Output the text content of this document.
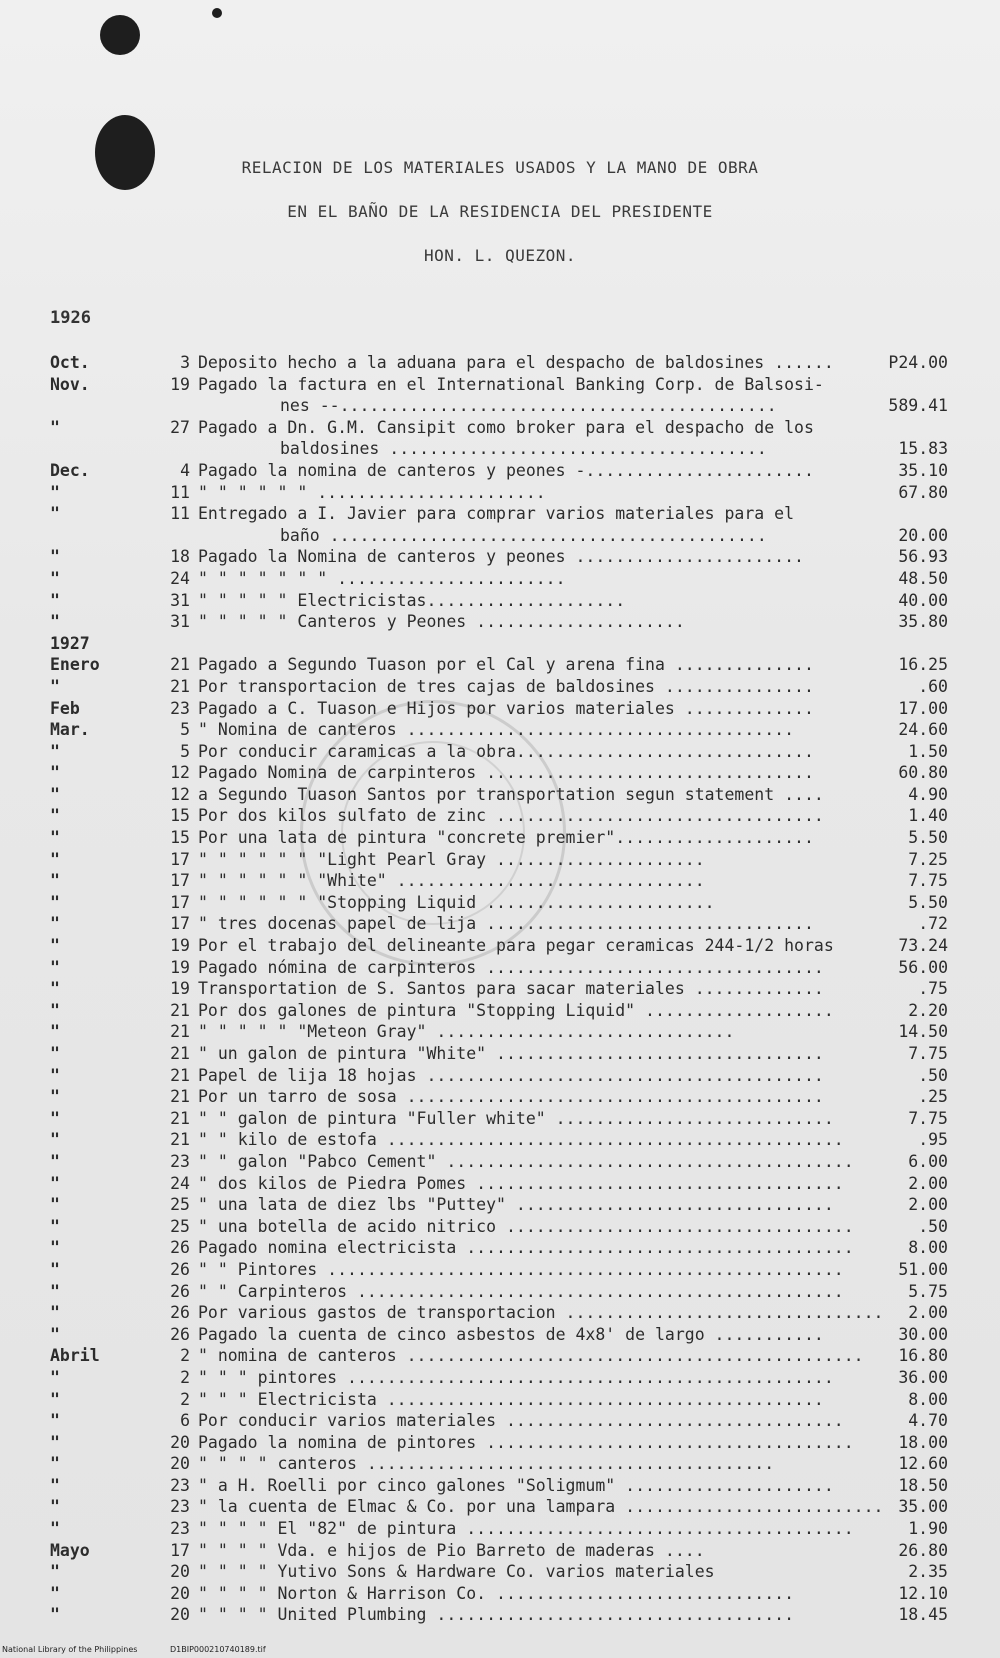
RELACION DE LOS MATERIALES USADOS Y LA MANO DE OBRA
EN EL BAÑO DE LA RESIDENCIA DEL PRESIDENTE
HON. L. QUEZON.
1926
Oct.	3 Deposito hecho a la aduana para el despacho de baldosines ......	P24.00
Nov.	19 Pagado la factura en el International Banking Corp. de Balsosi-
nes --............................................	589.41
"	27 Pagado a Dn. G.M. Cansipit como broker para el despacho de los
baldosines ......................................	15.83
Dec.	4 Pagado la nomina de canteros y peones -.......................	35.10
"	11 " " " " " " .......................	67.80
"	11 Entregado a I. Javier para comprar varios materiales para el
baño ............................................	20.00
"	18 Pagado la Nomina de canteros y peones .......................	56.93
"	24 " " " " " " " .......................	48.50
"	31 " " " " " Electricistas....................	40.00
"	31 " " " " " Canteros y Peones .....................	35.80
1927
Enero	21 Pagado a Segundo Tuason por el Cal y arena fina ..............	16.25
"	21 Por transportacion de tres cajas de baldosines ...............	.60
Feb	23 Pagado a C. Tuason e Hijos por varios materiales .............	17.00
Mar.	5 " Nomina de canteros .......................................	24.60
"	5 Por conducir caramicas a la obra..............................	1.50
"	12 Pagado Nomina de carpinteros .................................	60.80
"	12 a Segundo Tuason Santos por transportation segun statement ....	4.90
"	15 Por dos kilos sulfato de zinc .................................	1.40
"	15 Por una lata de pintura "concrete premier"....................	5.50
"	17 " " " " " " "Light Pearl Gray .....................	7.25
"	17 " " " " " " "White" ...............................	7.75
"	17 " " " " " " "Stopping Liquid .......................	5.50
"	17 " tres docenas papel de lija .................................	.72
"	19 Por el trabajo del delineante para pegar ceramicas 244-1/2 horas	73.24
"	19 Pagado nómina de carpinteros ..................................	56.00
"	19 Transportation de S. Santos para sacar materiales .............	.75
"	21 Por dos galones de pintura "Stopping Liquid" ...................	2.20
"	21 " " " " " "Meteon Gray" ..............................	14.50
"	21 " un galon de pintura "White" .................................	7.75
"	21 Papel de lija 18 hojas ........................................	.50
"	21 Por un tarro de sosa ..........................................	.25
"	21 " " galon de pintura "Fuller white" ............................	7.75
"	21 " " kilo de estofa ..............................................	.95
"	23 " " galon "Pabco Cement" .........................................	6.00
"	24 " dos kilos de Piedra Pomes .....................................	2.00
"	25 " una lata de diez lbs "Puttey" ................................	2.00
"	25 " una botella de acido nitrico ...................................	.50
"	26 Pagado nomina electricista .......................................	8.00
"	26 " " Pintores ....................................................	51.00
"	26 " " Carpinteros .................................................	5.75
"	26 Por various gastos de transportacion ................................	2.00
"	26 Pagado la cuenta de cinco asbestos de 4x8' de largo ...........	30.00
Abril	2 " nomina de canteros ..............................................	16.80
"	2 " " " pintores .................................................	36.00
"	2 " " " Electricista ............................................	8.00
"	6 Por conducir varios materiales ..................................	4.70
"	20 Pagado la nomina de pintores .....................................	18.00
"	20 " " " " canteros .........................................	12.60
"	23 " a H. Roelli por cinco galones "Soligmum" .....................	18.50
"	23 " la cuenta de Elmac & Co. por una lampara .......................... 35.00
"	23 " " " " El "82" de pintura .......................................	1.90
Mayo	17 " " " " Vda. e hijos de Pio Barreto de maderas ....	26.80
"	20 " " " " Yutivo Sons & Hardware Co. varios materiales	2.35
"	20 " " " " Norton & Harrison Co. ..............................	12.10
"	20 " " " " United Plumbing ....................................	18.45
National Library of the Philippines	D1BIP000210740189.tif
